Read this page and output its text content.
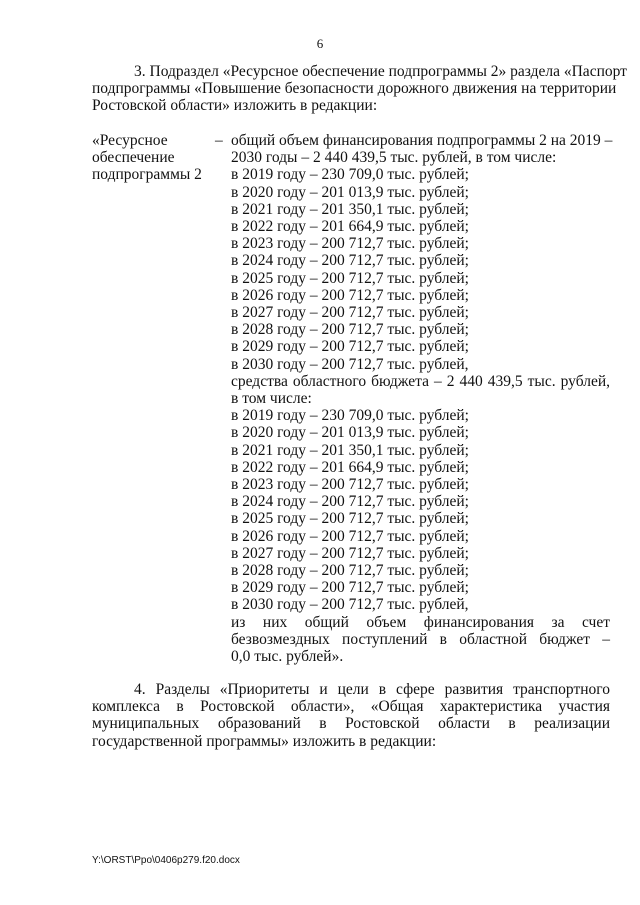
6

3. Подраздел «Ресурсное обеспечение подпрограммы 2» раздела «Паспорт
подпрограммы «Повышение безопасности дорожного движения на территории
Ростовской области» изложить в редакции:

«Ресурсное
обеспечение
подпрограммы 2
– общий объем финансирования подпрограммы 2 на 2019 –
2030 годы – 2 440 439,5 тыс. рублей, в том числе:
в 2019 году – 230 709,0 тыс. рублей;
в 2020 году – 201 013,9 тыс. рублей;
в 2021 году – 201 350,1 тыс. рублей;
в 2022 году – 201 664,9 тыс. рублей;
в 2023 году – 200 712,7 тыс. рублей;
в 2024 году – 200 712,7 тыс. рублей;
в 2025 году – 200 712,7 тыс. рублей;
в 2026 году – 200 712,7 тыс. рублей;
в 2027 году – 200 712,7 тыс. рублей;
в 2028 году – 200 712,7 тыс. рублей;
в 2029 году – 200 712,7 тыс. рублей;
в 2030 году – 200 712,7 тыс. рублей,
средства областного бюджета – 2 440 439,5 тыс. рублей,
в том числе:
в 2019 году – 230 709,0 тыс. рублей;
в 2020 году – 201 013,9 тыс. рублей;
в 2021 году – 201 350,1 тыс. рублей;
в 2022 году – 201 664,9 тыс. рублей;
в 2023 году – 200 712,7 тыс. рублей;
в 2024 году – 200 712,7 тыс. рублей;
в 2025 году – 200 712,7 тыс. рублей;
в 2026 году – 200 712,7 тыс. рублей;
в 2027 году – 200 712,7 тыс. рублей;
в 2028 году – 200 712,7 тыс. рублей;
в 2029 году – 200 712,7 тыс. рублей;
в 2030 году – 200 712,7 тыс. рублей,
из них общий объем финансирования за счет
безвозмездных поступлений в областной бюджет –
0,0 тыс. рублей».

4. Разделы «Приоритеты и цели в сфере развития транспортного
комплекса в Ростовской области», «Общая характеристика участия
муниципальных образований в Ростовской области в реализации
государственной программы» изложить в редакции:

Y:\ORST\Ppo\0406p279.f20.docx
